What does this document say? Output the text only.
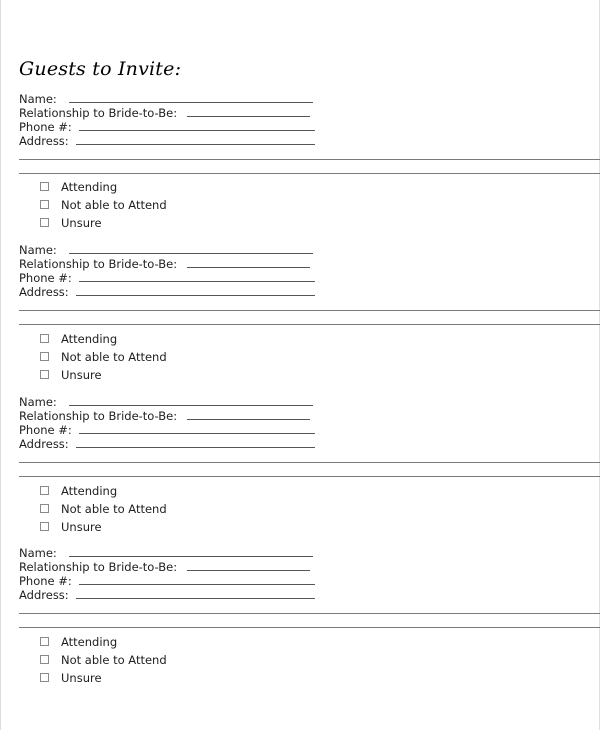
Guests to Invite:
Name:
Relationship to Bride-to-Be:
Phone #:
Address:
Attending
Not able to Attend
Unsure
Name:
Relationship to Bride-to-Be:
Phone #:
Address:
Attending
Not able to Attend
Unsure
Name:
Relationship to Bride-to-Be:
Phone #:
Address:
Attending
Not able to Attend
Unsure
Name:
Relationship to Bride-to-Be:
Phone #:
Address:
Attending
Not able to Attend
Unsure
